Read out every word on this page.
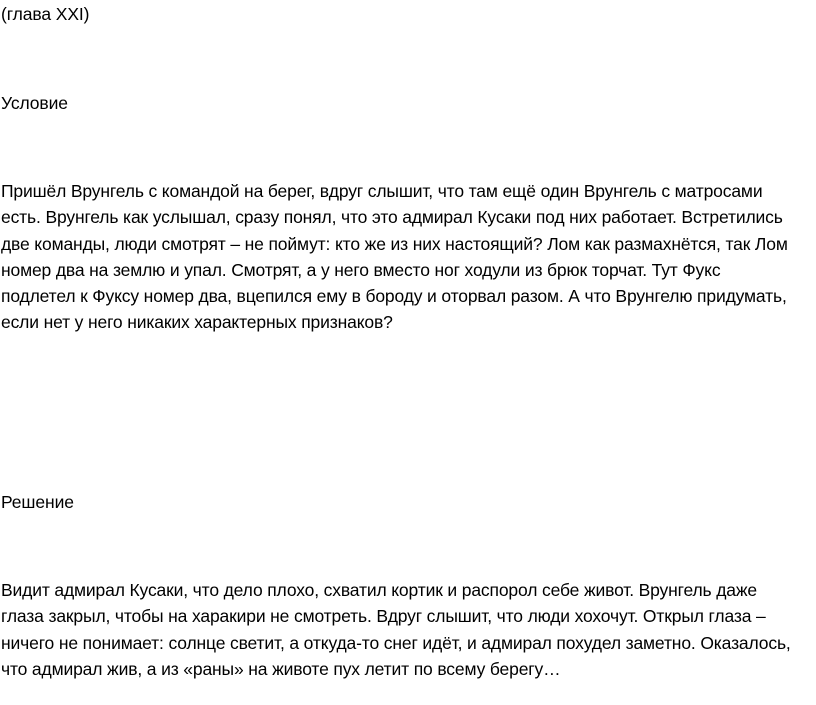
(глава XXI)

Условие

Пришёл Врунгель с командой на берег, вдруг слышит, что там ещё один Врунгель с матросами
есть. Врунгель как услышал, сразу понял, что это адмирал Кусаки под них работает. Встретились
две команды, люди смотрят – не поймут: кто же из них настоящий? Лом как размахнётся, так Лом
номер два на землю и упал. Смотрят, а у него вместо ног ходули из брюк торчат. Тут Фукс
подлетел к Фуксу номер два, вцепился ему в бороду и оторвал разом. А что Врунгелю придумать,
если нет у него никаких характерных признаков?

Решение

Видит адмирал Кусаки, что дело плохо, схватил кортик и распорол себе живот. Врунгель даже
глаза закрыл, чтобы на харакири не смотреть. Вдруг слышит, что люди хохочут. Открыл глаза –
ничего не понимает: солнце светит, а откуда-то снег идёт, и адмирал похудел заметно. Оказалось,
что адмирал жив, а из «раны» на животе пух летит по всему берегу…
